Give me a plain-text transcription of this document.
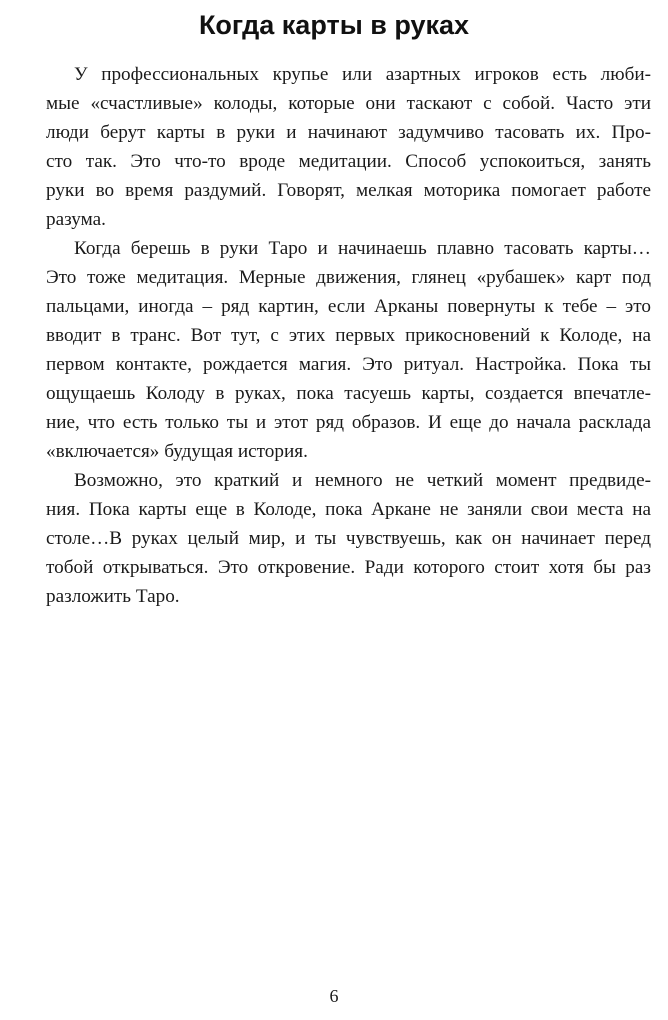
Когда карты в руках

У профессиональных крупье или азартных игроков есть люби-
мые «счастливые» колоды, которые они таскают с собой. Часто эти
люди берут карты в руки и начинают задумчиво тасовать их. Про-
сто так. Это что-то вроде медитации. Способ успокоиться, занять
руки во время раздумий. Говорят, мелкая моторика помогает работе
разума.

Когда берешь в руки Таро и начинаешь плавно тасовать карты…
Это тоже медитация. Мерные движения, глянец «рубашек» карт под
пальцами, иногда – ряд картин, если Арканы повернуты к тебе – это
вводит в транс. Вот тут, с этих первых прикосновений к Колоде, на
первом контакте, рождается магия. Это ритуал. Настройка. Пока ты
ощущаешь Колоду в руках, пока тасуешь карты, создается впечатле-
ние, что есть только ты и этот ряд образов. И еще до начала расклада
«включается» будущая история.

Возможно, это краткий и немного не четкий момент предвиде-
ния. Пока карты еще в Колоде, пока Аркане не заняли свои места на
столе…В руках целый мир, и ты чувствуешь, как он начинает перед
тобой открываться. Это откровение. Ради которого стоит хотя бы раз
разложить Таро.

6
